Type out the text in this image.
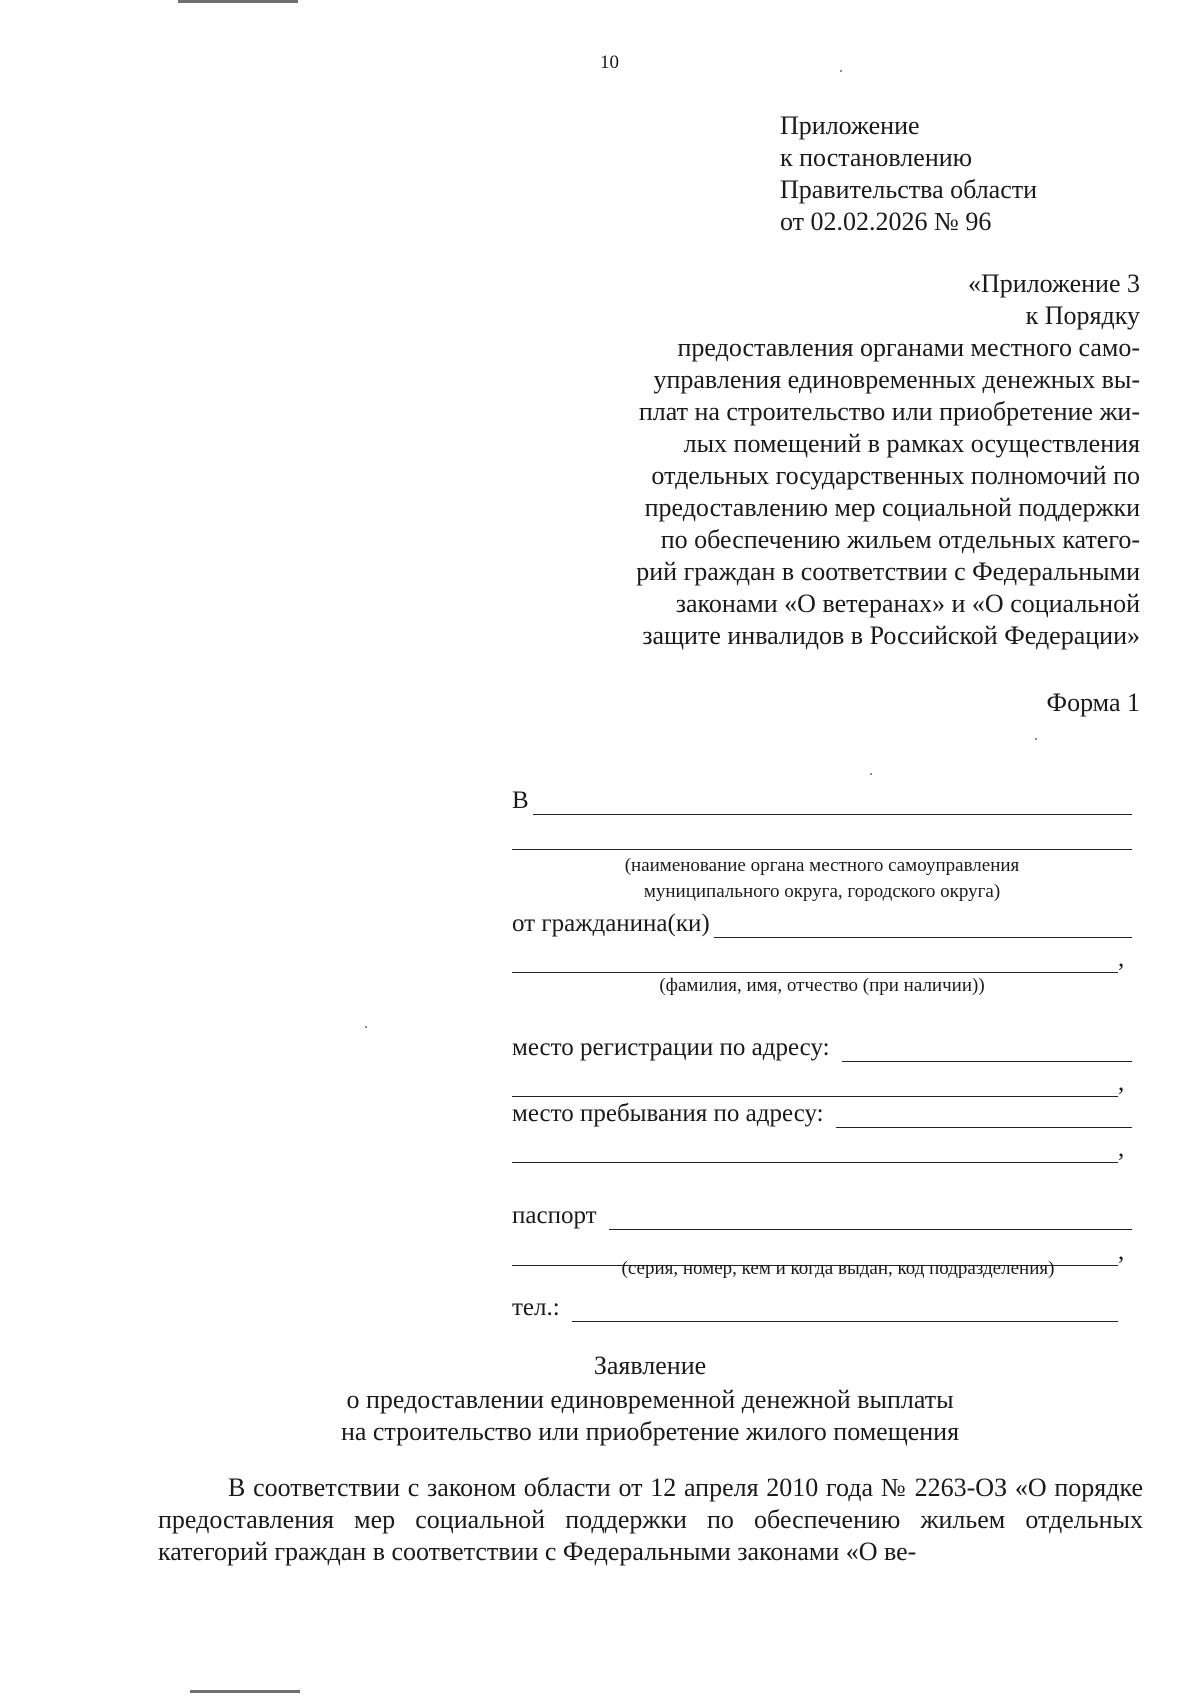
10
Приложение
к постановлению
Правительства области
от 02.02.2026 № 96
«Приложение 3
к Порядку
предоставления органами местного само-
управления единовременных денежных вы-
плат на строительство или приобретение жи-
лых помещений в рамках осуществления
отдельных государственных полномочий по
предоставлению мер социальной поддержки
по обеспечению жильем отдельных катего-
рий граждан в соответствии с Федеральными
законами «О ветеранах» и «О социальной
защите инвалидов в Российской Федерации»
Форма 1
В
(наименование органа местного самоуправления
муниципального округа, городского округа)
от гражданина(ки)
,
(фамилия, имя, отчество (при наличии))
место регистрации по адресу:
,
место пребывания по адресу:
,
паспорт
,
(серия, номер, кем и когда выдан, код подразделения)
тел.:
Заявление
о предоставлении единовременной денежной выплаты
на строительство или приобретение жилого помещения
В соответствии с законом области от 12 апреля 2010 года № 2263-ОЗ «О порядке предоставления мер социальной поддержки по обеспечению жильем отдельных категорий граждан в соответствии с Федеральными законами «О ве-
